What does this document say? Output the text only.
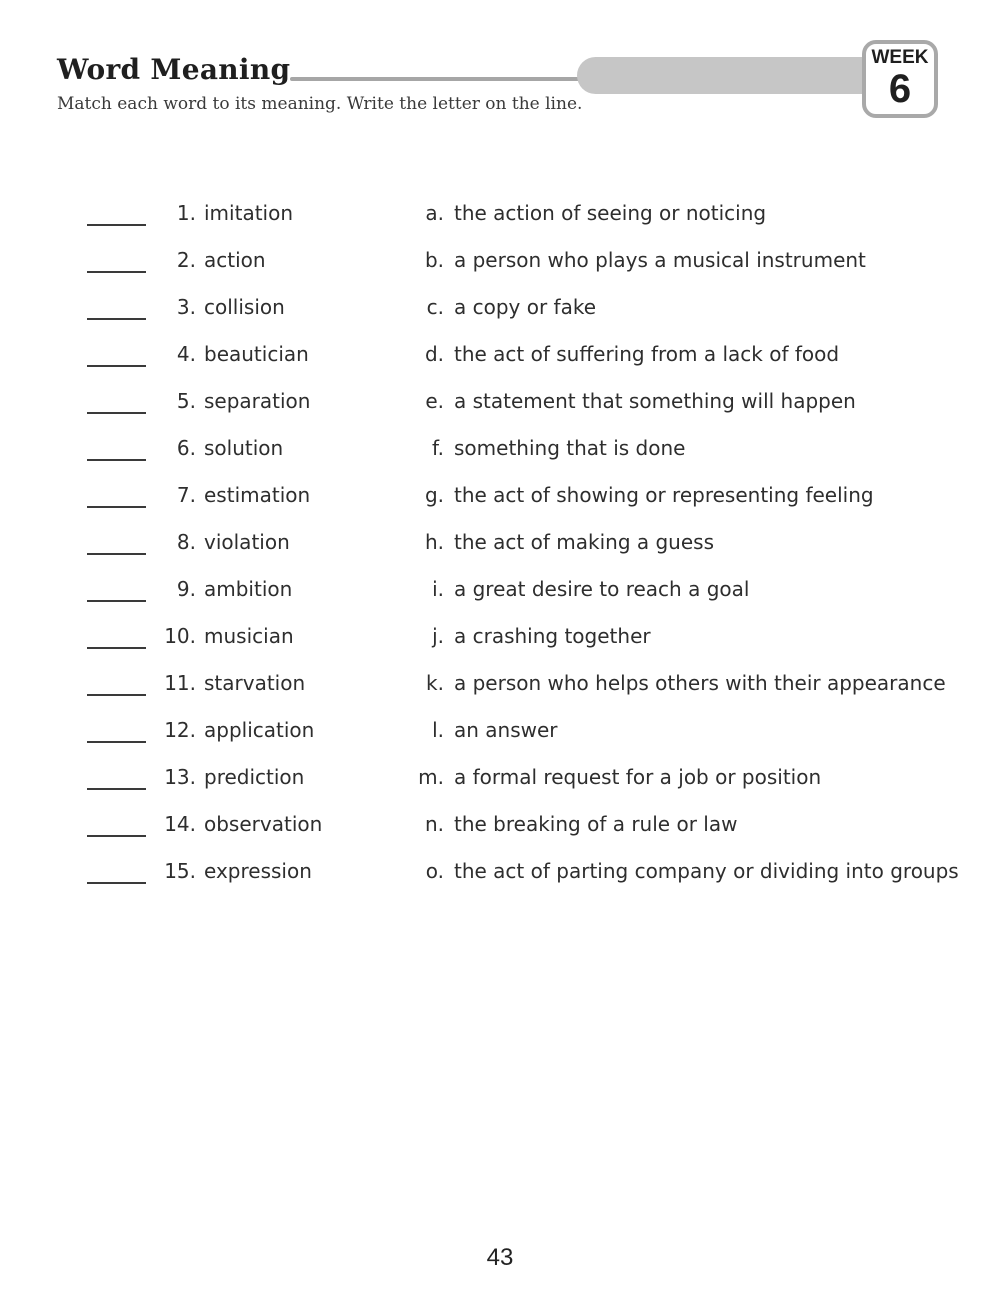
Word Meaning	WEEK
6
Match each word to its meaning. Write the letter on the line.
1. imitation	a. the action of seeing or noticing
2. action	b. a person who plays a musical instrument
3. collision	c. a copy or fake
4. beautician	d. the act of suffering from a lack of food
5. separation	e. a statement that something will happen
6. solution	f. something that is done
7. estimation	g. the act of showing or representing feeling
8. violation	h. the act of making a guess
9. ambition	i. a great desire to reach a goal
10. musician	j. a crashing together
11. starvation	k. a person who helps others with their appearance
12. application	l. an answer
13. prediction	m. a formal request for a job or position
14. observation	n. the breaking of a rule or law
15. expression	o. the act of parting company or dividing into groups
43
